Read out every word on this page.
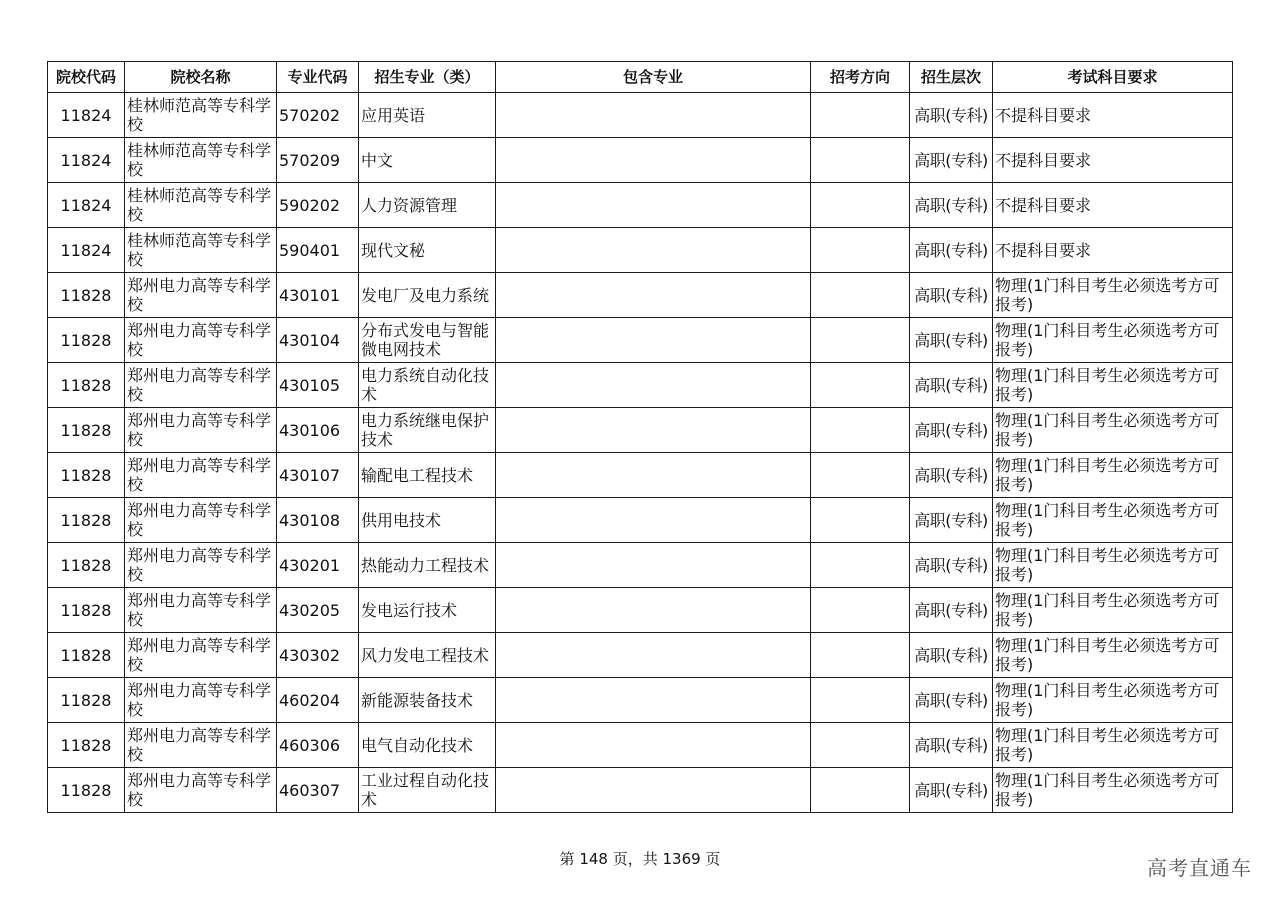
院校代码	院校名称	专业代码	招生专业（类）	包含专业	招考方向	招生层次	考试科目要求
11824	桂林师范高等专科学校	570202	应用英语			高职(专科)	不提科目要求
11824	桂林师范高等专科学校	570209	中文			高职(专科)	不提科目要求
11824	桂林师范高等专科学校	590202	人力资源管理			高职(专科)	不提科目要求
11824	桂林师范高等专科学校	590401	现代文秘			高职(专科)	不提科目要求
11828	郑州电力高等专科学校	430101	发电厂及电力系统			高职(专科)	物理(1门科目考生必须选考方可报考)
11828	郑州电力高等专科学校	430104	分布式发电与智能微电网技术			高职(专科)	物理(1门科目考生必须选考方可报考)
11828	郑州电力高等专科学校	430105	电力系统自动化技术			高职(专科)	物理(1门科目考生必须选考方可报考)
11828	郑州电力高等专科学校	430106	电力系统继电保护技术			高职(专科)	物理(1门科目考生必须选考方可报考)
11828	郑州电力高等专科学校	430107	输配电工程技术			高职(专科)	物理(1门科目考生必须选考方可报考)
11828	郑州电力高等专科学校	430108	供用电技术			高职(专科)	物理(1门科目考生必须选考方可报考)
11828	郑州电力高等专科学校	430201	热能动力工程技术			高职(专科)	物理(1门科目考生必须选考方可报考)
11828	郑州电力高等专科学校	430205	发电运行技术			高职(专科)	物理(1门科目考生必须选考方可报考)
11828	郑州电力高等专科学校	430302	风力发电工程技术			高职(专科)	物理(1门科目考生必须选考方可报考)
11828	郑州电力高等专科学校	460204	新能源装备技术			高职(专科)	物理(1门科目考生必须选考方可报考)
11828	郑州电力高等专科学校	460306	电气自动化技术			高职(专科)	物理(1门科目考生必须选考方可报考)
11828	郑州电力高等专科学校	460307	工业过程自动化技术			高职(专科)	物理(1门科目考生必须选考方可报考)
第 148 页，共 1369 页	高考直通车
